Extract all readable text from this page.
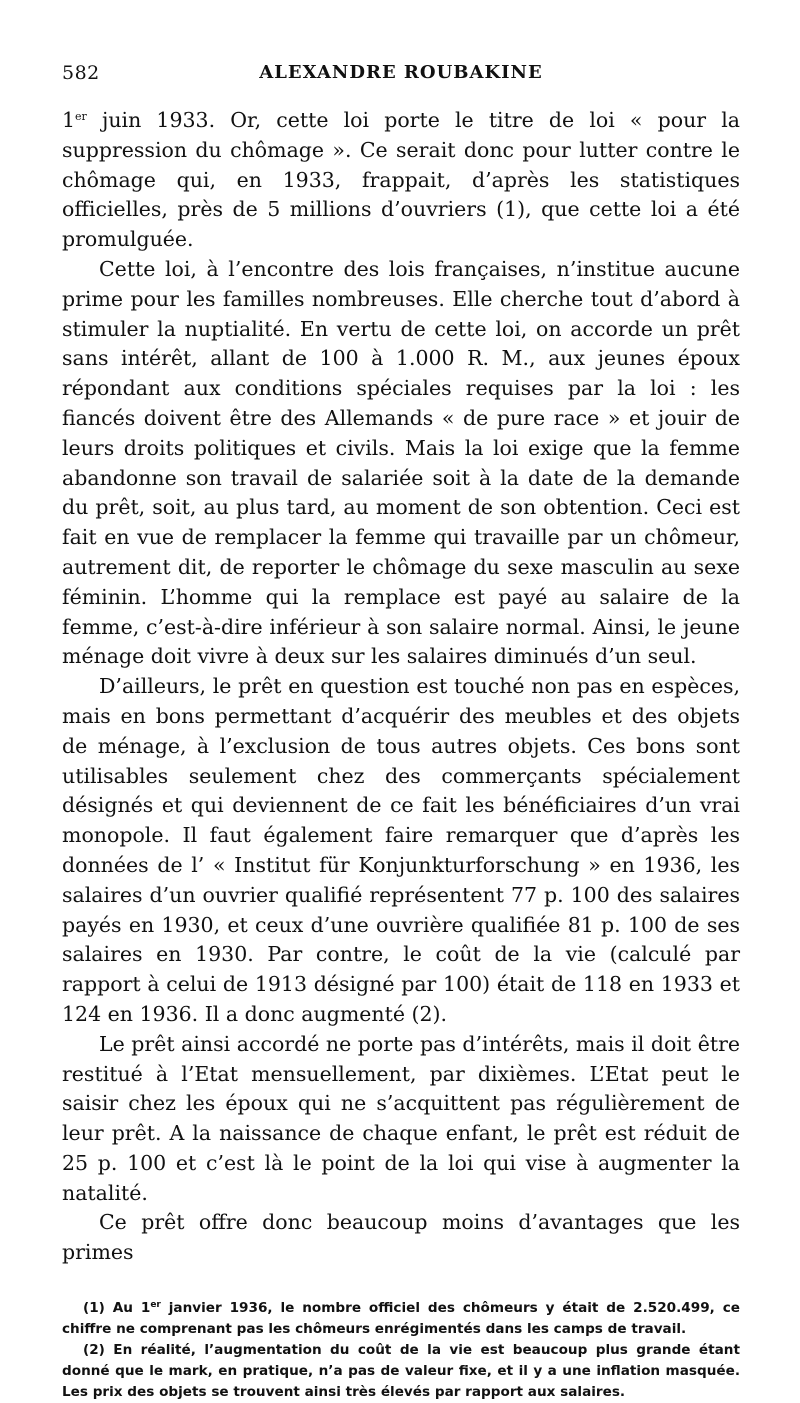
582	ALEXANDRE ROUBAKINE

1er juin 1933. Or, cette loi porte le titre de loi « pour la suppression du chômage ». Ce serait donc pour lutter contre le chômage qui, en 1933, frappait, d’après les statistiques officielles, près de 5 millions d’ouvriers (1), que cette loi a été promulguée.

Cette loi, à l’encontre des lois françaises, n’institue aucune prime pour les familles nombreuses. Elle cherche tout d’abord à stimuler la nuptialité. En vertu de cette loi, on accorde un prêt sans intérêt, allant de 100 à 1.000 R. M., aux jeunes époux répondant aux conditions spéciales requises par la loi : les fiancés doivent être des Allemands « de pure race » et jouir de leurs droits politiques et civils. Mais la loi exige que la femme abandonne son travail de salariée soit à la date de la demande du prêt, soit, au plus tard, au moment de son obtention. Ceci est fait en vue de remplacer la femme qui travaille par un chômeur, autrement dit, de reporter le chômage du sexe masculin au sexe féminin. L’homme qui la remplace est payé au salaire de la femme, c’est-à-dire inférieur à son salaire normal. Ainsi, le jeune ménage doit vivre à deux sur les salaires diminués d’un seul.

D’ailleurs, le prêt en question est touché non pas en espèces, mais en bons permettant d’acquérir des meubles et des objets de ménage, à l’exclusion de tous autres objets. Ces bons sont utilisables seulement chez des commerçants spécialement désignés et qui deviennent de ce fait les bénéficiaires d’un vrai monopole. Il faut également faire remarquer que d’après les données de l’ « Institut für Konjunkturforschung » en 1936, les salaires d’un ouvrier qualifié représentent 77 p. 100 des salaires payés en 1930, et ceux d’une ouvrière qualifiée 81 p. 100 de ses salaires en 1930. Par contre, le coût de la vie (calculé par rapport à celui de 1913 désigné par 100) était de 118 en 1933 et 124 en 1936. Il a donc augmenté (2).

Le prêt ainsi accordé ne porte pas d’intérêts, mais il doit être restitué à l’Etat mensuellement, par dixièmes. L’Etat peut le saisir chez les époux qui ne s’acquittent pas régulièrement de leur prêt. A la naissance de chaque enfant, le prêt est réduit de 25 p. 100 et c’est là le point de la loi qui vise à augmenter la natalité.

Ce prêt offre donc beaucoup moins d’avantages que les primes

(1) Au 1er janvier 1936, le nombre officiel des chômeurs y était de 2.520.499, ce chiffre ne comprenant pas les chômeurs enrégimentés dans les camps de travail.

(2) En réalité, l’augmentation du coût de la vie est beaucoup plus grande étant donné que le mark, en pratique, n’a pas de valeur fixe, et il y a une inflation masquée. Les prix des objets se trouvent ainsi très élevés par rapport aux salaires.
